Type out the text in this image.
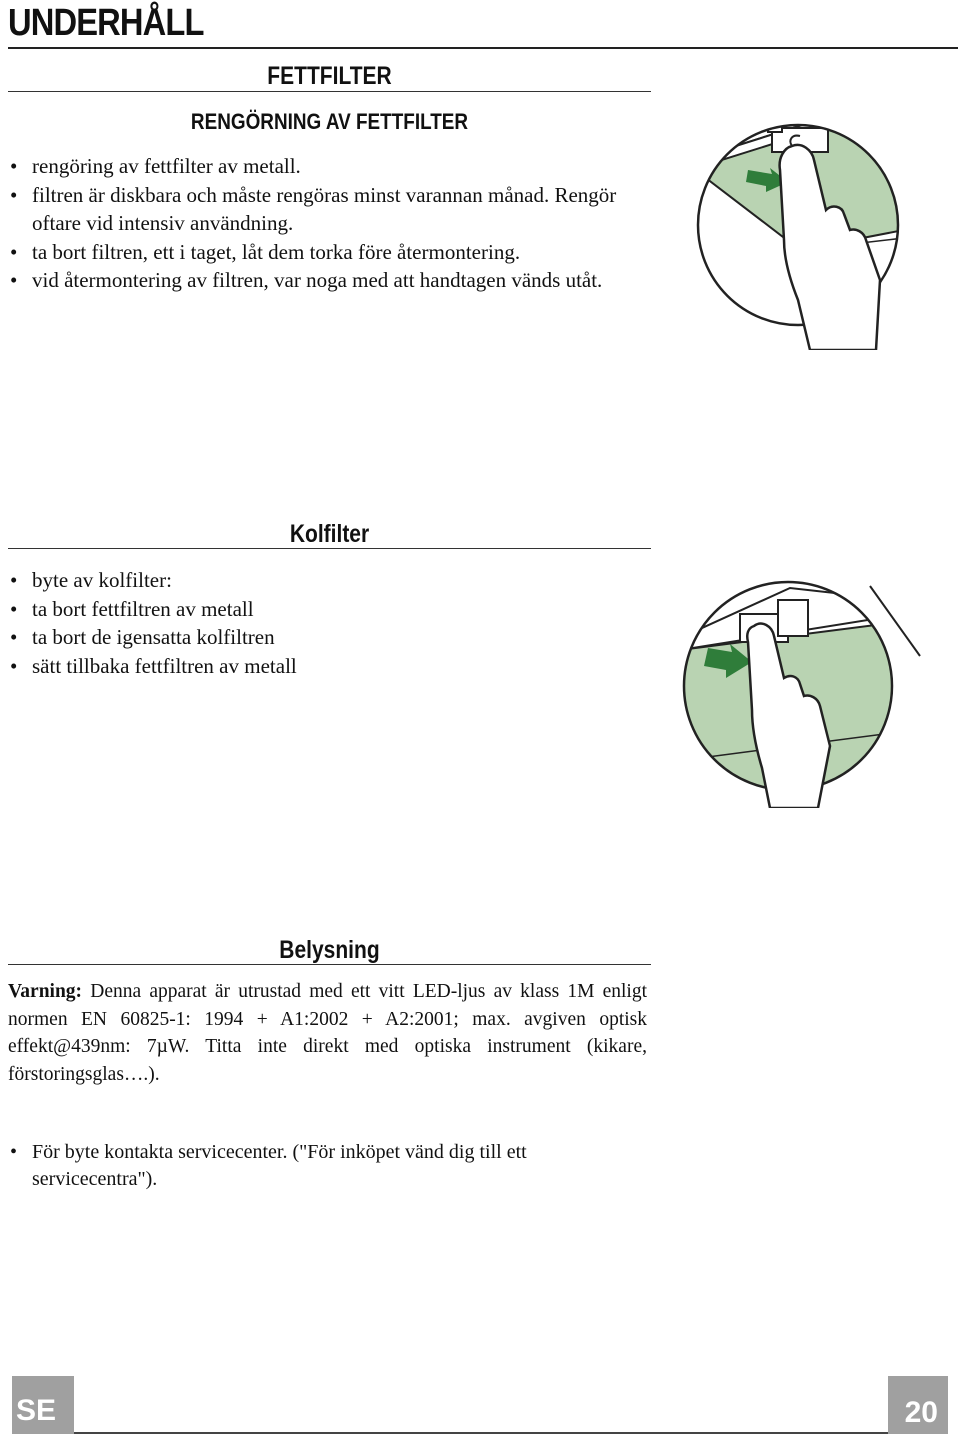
UNDERHÅLL
FETTFILTER
RENGÖRNING AV FETTFILTER
• rengöring av fettfilter av metall.
• filtren är diskbara och måste rengöras minst varannan månad. Rengör oftare vid intensiv användning.
• ta bort filtren, ett i taget, låt dem torka före återmontering.
• vid återmontering av filtren, var noga med att handtagen vänds utåt.
Kolfilter
• byte av kolfilter:
• ta bort fettfiltren av metall
• ta bort de igensatta kolfiltren
• sätt tillbaka fettfiltren av metall
Belysning

Varning: Denna apparat är utrustad med ett vitt LED-ljus av klass 1M enligt normen EN 60825-1: 1994 + A1:2002 + A2:2001; max. avgiven optisk effekt@439nm: 7µW. Titta inte direkt med optiska instrument (kikare, förstoringsglas….).

• För byte kontakta servicecenter. ("För inköpet vänd dig till ett servicecentra").
SE	20
